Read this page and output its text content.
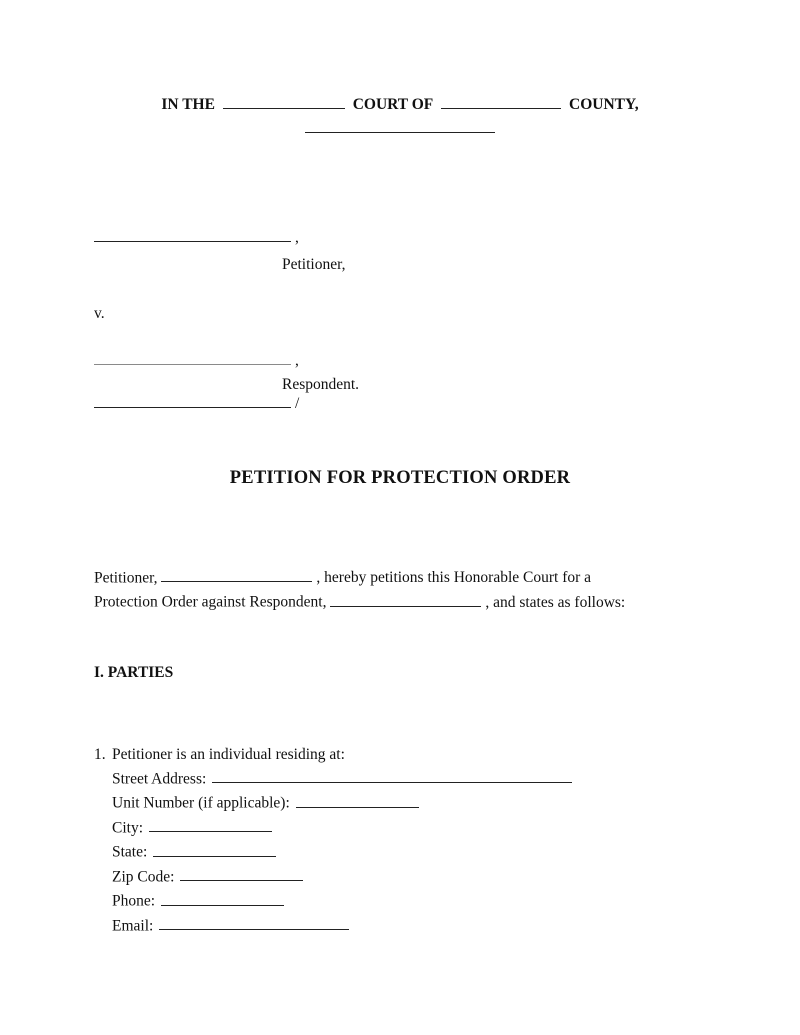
IN THE	COURT OF	COUNTY,
,
Petitioner,
v.
,
Respondent.
/
PETITION FOR PROTECTION ORDER
Petitioner,	, hereby petitions this Honorable Court for a
Protection Order against Respondent,	, and states as follows:
I. PARTIES
1. Petitioner is an individual residing at:
Street Address:
Unit Number (if applicable):
City:
State:
Zip Code:
Phone:
Email:
